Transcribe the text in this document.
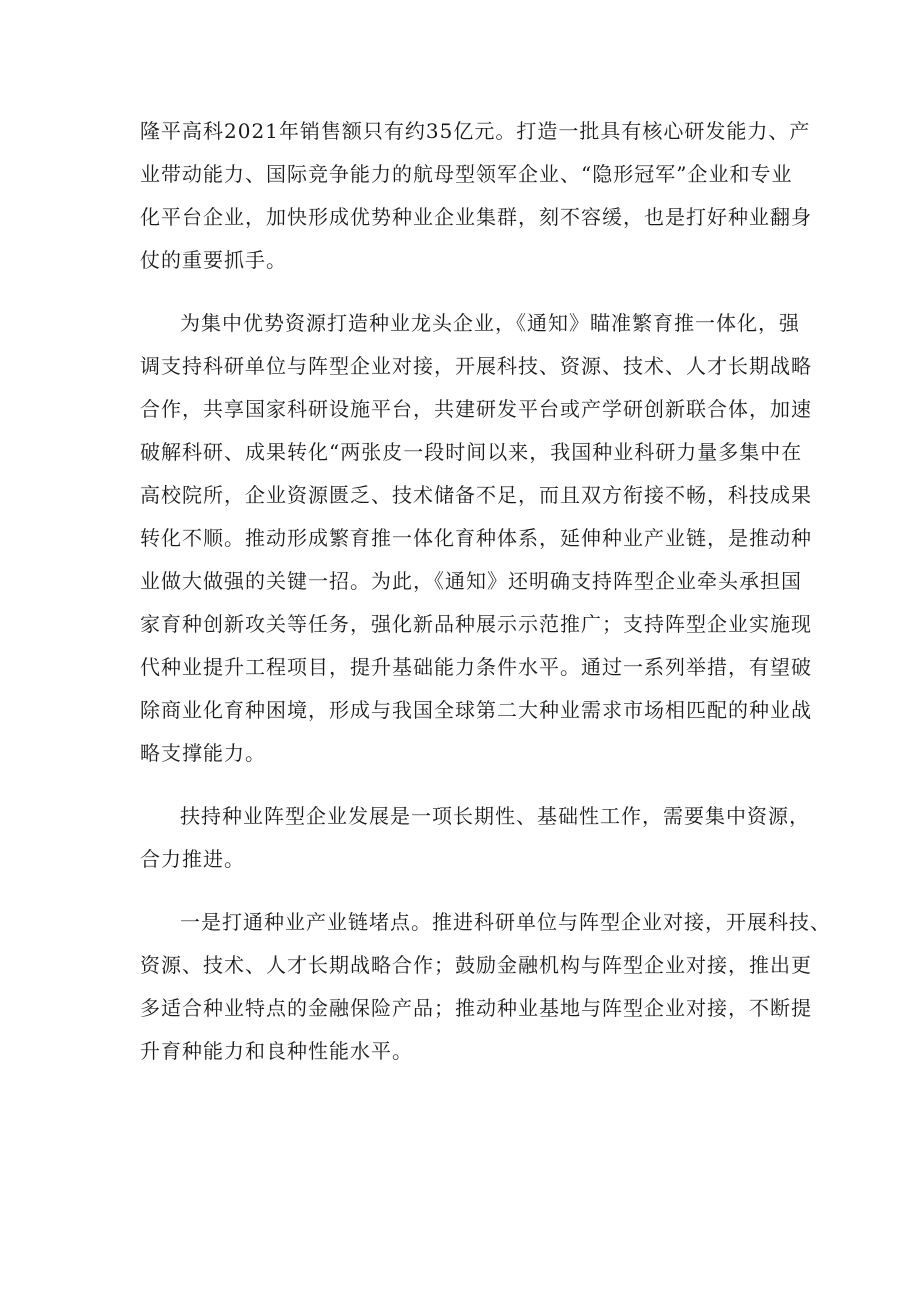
隆平高科2021年销售额只有约35亿元。打造一批具有核心研发能力、产
业带动能力、国际竞争能力的航母型领军企业、“隐形冠军”企业和专业
化平台企业，加快形成优势种业企业集群，刻不容缓，也是打好种业翻身
仗的重要抓手。

为集中优势资源打造种业龙头企业，《通知》瞄准繁育推一体化，强
调支持科研单位与阵型企业对接，开展科技、资源、技术、人才长期战略
合作，共享国家科研设施平台，共建研发平台或产学研创新联合体，加速
破解科研、成果转化“两张皮一段时间以来，我国种业科研力量多集中在
高校院所，企业资源匮乏、技术储备不足，而且双方衔接不畅，科技成果
转化不顺。推动形成繁育推一体化育种体系，延伸种业产业链，是推动种
业做大做强的关键一招。为此，《通知》还明确支持阵型企业牵头承担国
家育种创新攻关等任务，强化新品种展示示范推广；支持阵型企业实施现
代种业提升工程项目，提升基础能力条件水平。通过一系列举措，有望破
除商业化育种困境，形成与我国全球第二大种业需求市场相匹配的种业战
略支撑能力。

扶持种业阵型企业发展是一项长期性、基础性工作，需要集中资源，
合力推进。

一是打通种业产业链堵点。推进科研单位与阵型企业对接，开展科技、
资源、技术、人才长期战略合作；鼓励金融机构与阵型企业对接，推出更
多适合种业特点的金融保险产品；推动种业基地与阵型企业对接，不断提
升育种能力和良种性能水平。
